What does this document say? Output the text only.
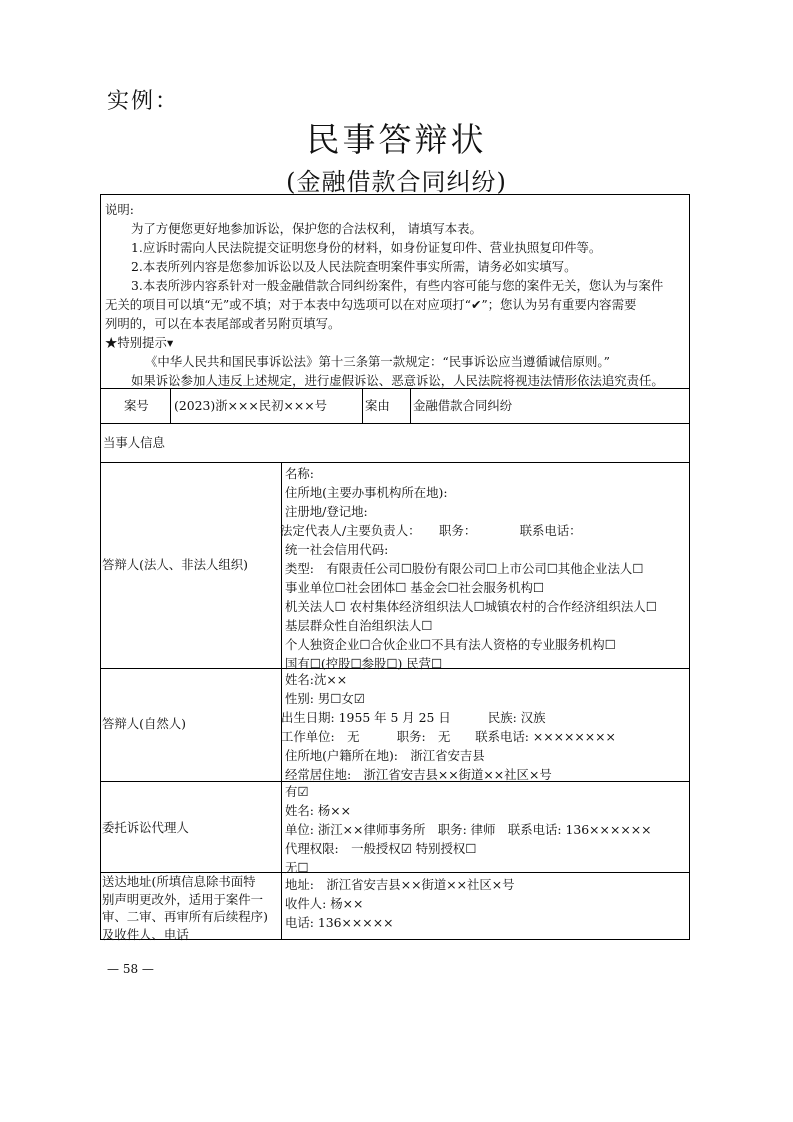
实例：
民事答辩状
(金融借款合同纠纷)
说明:
为了方便您更好地参加诉讼，保护您的合法权利， 请填写本表。
1.应诉时需向人民法院提交证明您身份的材料，如身份证复印件、营业执照复印件等。
2.本表所列内容是您参加诉讼以及人民法院查明案件事实所需，请务必如实填写。
3.本表所涉内容系针对一般金融借款合同纠纷案件，有些内容可能与您的案件无关，您认为与案件
无关的项目可以填“无”或不填；对于本表中勾选项可以在对应项打“✔”；您认为另有重要内容需要
列明的，可以在本表尾部或者另附页填写。
★特别提示▾
《中华人民共和国民事诉讼法》第十三条第一款规定：“民事诉讼应当遵循诚信原则。”
如果诉讼参加人违反上述规定，进行虚假诉讼、恶意诉讼，人民法院将视违法情形依法追究责任。
案号 (2023)浙×××民初×××号	案由 金融借款合同纠纷
当事人信息
答辩人(法人、非法人组织)
名称:
住所地(主要办事机构所在地):
注册地/登记地:
法定代表人/主要负责人：　　职务：　　　　联系电话：
统一社会信用代码:
类型:　有限责任公司☐股份有限公司☐上市公司☐其他企业法人☐
事业单位☐社会团体☐ 基金会☐社会服务机构☐
机关法人☐ 农村集体经济组织法人☐城镇农村的合作经济组织法人☐
基层群众性自治组织法人☐
个人独资企业☐合伙企业☐不具有法人资格的专业服务机构☐
国有☐(控股☐参股☐) 民营☐
答辩人(自然人)
姓名:沈××
性别: 男☐女☑
出生日期: 1955 年 5 月 25 日　　　民族: 汉族
工作单位:　无　　　职务:　无　　联系电话: ××××××××
住所地(户籍所在地):　浙江省安吉县
经常居住地:　浙江省安吉县××街道××社区×号
委托诉讼代理人
有☑
姓名: 杨××
单位: 浙江××律师事务所　职务: 律师　联系电话: 136××××××
代理权限:　一般授权☑ 特别授权☐
无☐
送达地址(所填信息除书面特
别声明更改外，适用于案件一
审、二审、再审所有后续程序)
及收件人、电话
地址:　浙江省安吉县××街道××社区×号
收件人: 杨××
电话: 136×××××
— 58 —
